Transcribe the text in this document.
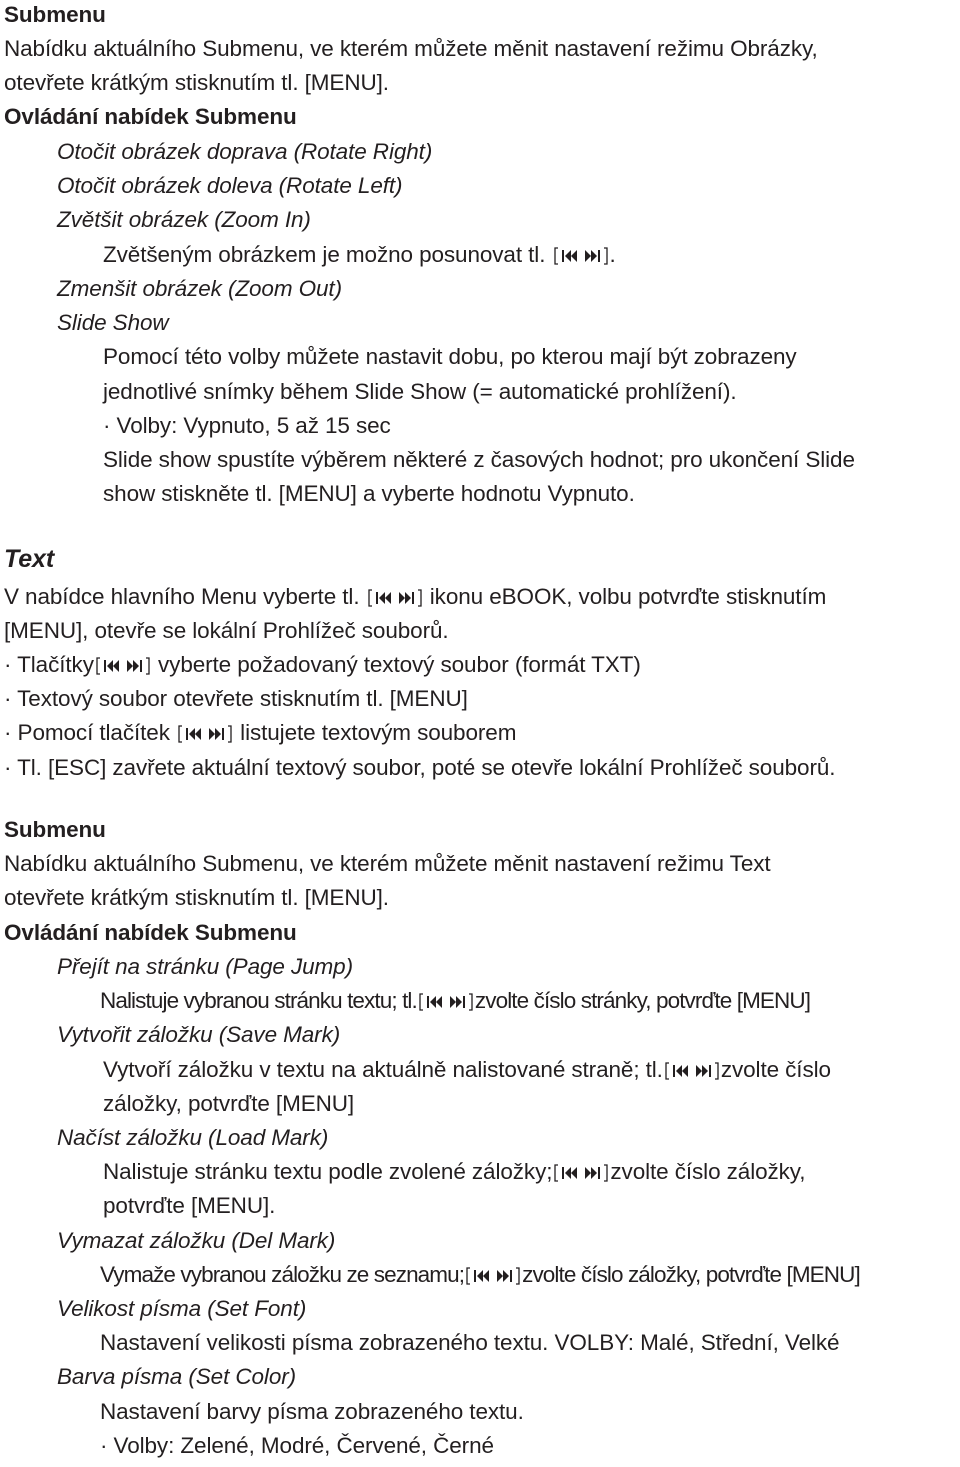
Submenu
Nabídku aktuálního Submenu, ve kterém můžete měnit nastavení režimu Obrázky,
otevřete krátkým stisknutím tl. [MENU].
Ovládání nabídek Submenu
Otočit obrázek doprava (Rotate Right)
Otočit obrázek doleva (Rotate Left)
Zvětšit obrázek (Zoom In)
Zvětšeným obrázkem je možno posunovat tl.	.
Zmenšit obrázek (Zoom Out)
Slide Show
Pomocí této volby můžete nastavit dobu, po kterou mají být zobrazeny
jednotlivé snímky během Slide Show (= automatické prohlížení).
· Volby: Vypnuto, 5 až 15 sec
Slide show spustíte výběrem některé z časových hodnot; pro ukončení Slide
show stiskněte tl. [MENU] a vyberte hodnotu Vypnuto.
Text
V nabídce hlavního Menu vyberte tl.	ikonu eBOOK, volbu potvrďte stisknutím
[MENU], otevře se lokální Prohlížeč souborů.
· Tlačítky	vyberte požadovaný textový soubor (formát TXT)
· Textový soubor otevřete stisknutím tl. [MENU]
· Pomocí tlačítek	listujete textovým souborem
· Tl. [ESC] zavřete aktuální textový soubor, poté se otevře lokální Prohlížeč souborů.
Submenu
Nabídku aktuálního Submenu, ve kterém můžete měnit nastavení režimu Text
otevřete krátkým stisknutím tl. [MENU].
Ovládání nabídek Submenu
Přejít na stránku (Page Jump)
Nalistuje vybranou stránku textu; tl.	zvolte číslo stránky, potvrďte [MENU]
Vytvořit záložku (Save Mark)
Vytvoří záložku v textu na aktuálně nalistované straně; tl.	zvolte číslo
záložky, potvrďte [MENU]
Načíst záložku (Load Mark)
Nalistuje stránku textu podle zvolené záložky;	zvolte číslo záložky,
potvrďte [MENU].
Vymazat záložku (Del Mark)
Vymaže vybranou záložku ze seznamu;	zvolte číslo záložky, potvrďte [MENU]
Velikost písma (Set Font)
Nastavení velikosti písma zobrazeného textu. VOLBY: Malé, Střední, Velké
Barva písma (Set Color)
Nastavení barvy písma zobrazeného textu.
· Volby: Zelené, Modré, Červené, Černé
